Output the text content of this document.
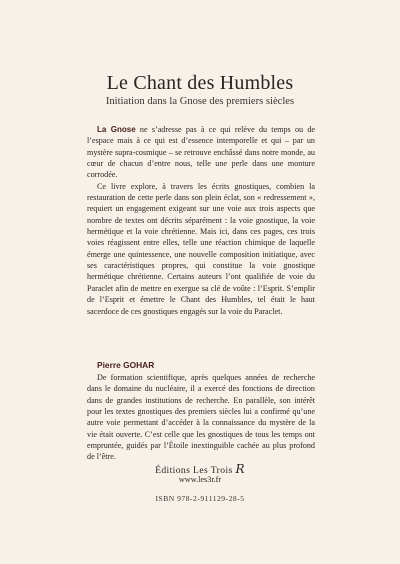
Le Chant des Humbles
Initiation dans la Gnose des premiers siècles

La Gnose ne s’adresse pas à ce qui relève du temps ou de l’espace mais à ce qui est d’essence intemporelle et qui – par un mystère supra-cosmique – se retrouve enchâssé dans notre monde, au cœur de chacun d’entre nous, telle une perle dans une monture corrodée.

Ce livre explore, à travers les écrits gnostiques, combien la restauration de cette perle dans son plein éclat, son « redressement », requiert un engagement exigeant sur une voie aux trois aspects que nombre de textes ont décrits séparément : la voie gnostique, la voie hermétique et la voie chrétienne. Mais ici, dans ces pages, ces trois voies réagissent entre elles, telle une réaction chimique de laquelle émerge une quintessence, une nouvelle composition initiatique, avec ses caractéristiques propres, qui constitue la voie gnostique hermétique chrétienne. Certains auteurs l’ont qualifiée de voie du Paraclet afin de mettre en exergue sa clé de voûte : l’Esprit. S’emplir de l’Esprit et émettre le Chant des Humbles, tel était le haut sacerdoce de ces gnostiques engagés sur la voie du Paraclet.

Pierre GOHAR

De formation scientifique, après quelques années de recherche dans le domaine du nucléaire, il a exercé des fonctions de direction dans de grandes institutions de recherche. En parallèle, son intérêt pour les textes gnostiques des premiers siècles lui a confirmé qu’une autre voie permettant d’accéder à la connaissance du mystère de la vie était ouverte. C’est celle que les gnostiques de tous les temps ont empruntée, guidés par l’Étoile inextinguible cachée au plus profond de l’être.

Éditions Les Trois R
www.les3r.fr
ISBN 978-2-911129-28-5
